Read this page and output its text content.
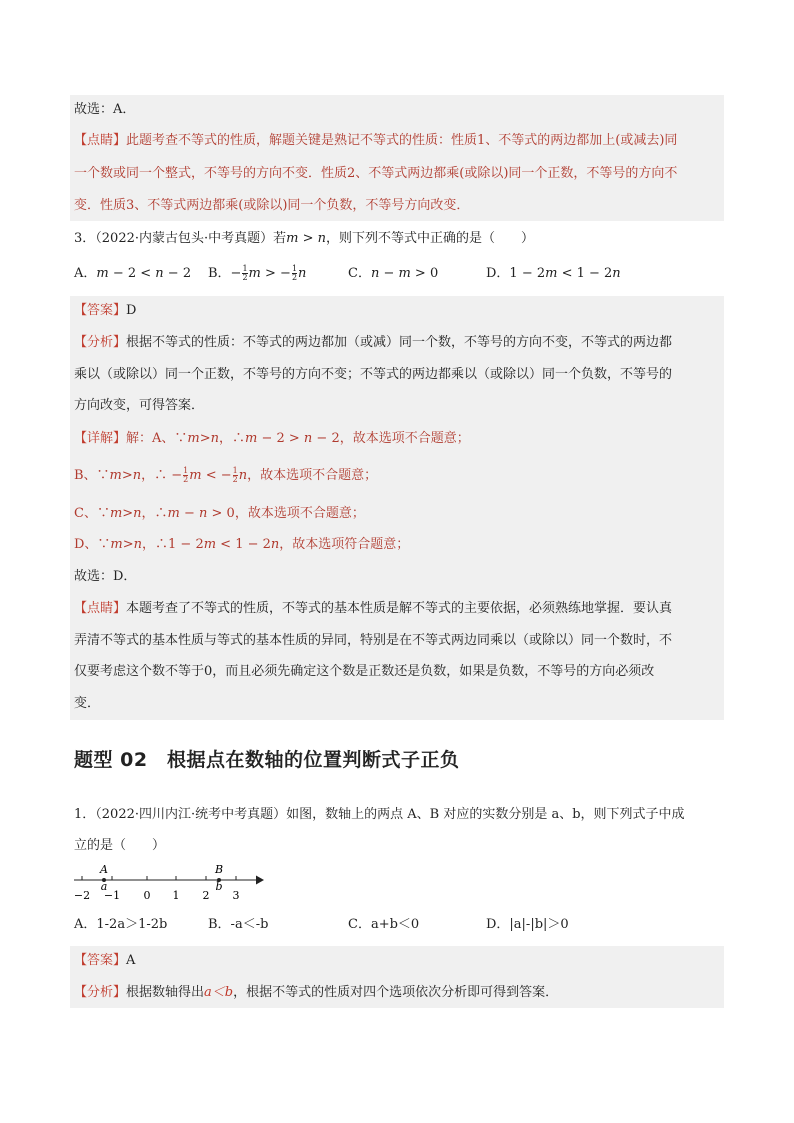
故选：A．
【点睛】此题考查不等式的性质，解题关键是熟记不等式的性质：性质1、不等式的两边都加上(或减去)同
一个数或同一个整式，不等号的方向不变．性质2、不等式两边都乘(或除以)同一个正数，不等号的方向不
变．性质3、不等式两边都乘(或除以)同一个负数，不等号方向改变．
3．（2022·内蒙古包头·中考真题）若𝑚 > 𝑛，则下列不等式中正确的是（　　）
A．𝑚 − 2 < 𝑛 − 2 B．− $\frac{1}{2}$ 𝑚 > − $\frac{1}{2}$ 𝑛	C．𝑛 − 𝑚 > 0	D．1 − 2𝑚 < 1 − 2𝑛
【答案】D
【分析】根据不等式的性质：不等式的两边都加（或减）同一个数，不等号的方向不变，不等式的两边都
乘以（或除以）同一个正数，不等号的方向不变；不等式的两边都乘以（或除以）同一个负数，不等号的
方向改变，可得答案．
【详解】解：A、∵𝑚>𝑛，∴𝑚 − 2 > 𝑛 − 2，故本选项不合题意；
B、∵𝑚>𝑛，∴ − $\frac{1}{2}$ 𝑚 < − $\frac{1}{2}$ 𝑛，故本选项不合题意；
C、∵𝑚>𝑛，∴𝑚 − 𝑛 > 0，故本选项不合题意；
D、∵𝑚>𝑛，∴1 − 2𝑚 < 1 − 2𝑛，故本选项符合题意；
故选：D．
【点睛】本题考查了不等式的性质，不等式的基本性质是解不等式的主要依据，必须熟练地掌握．要认真
弄清不等式的基本性质与等式的基本性质的异同，特别是在不等式两边同乘以（或除以）同一个数时，不
仅要考虑这个数不等于0，而且必须先确定这个数是正数还是负数，如果是负数，不等号的方向必须改
变．
题型 02　根据点在数轴的位置判断式子正负
1．（2022·四川内江·统考中考真题）如图，数轴上的两点 A、B 对应的实数分别是 a、b，则下列式子中成
立的是（　　）
A
a
B
b
−2 −1 0 1 2 3
A．1-2a＞1-2b	B．-a＜-b	C．a+b＜0	D．|a|-|b|＞0
【答案】A
【分析】根据数轴得出a＜b，根据不等式的性质对四个选项依次分析即可得到答案．
